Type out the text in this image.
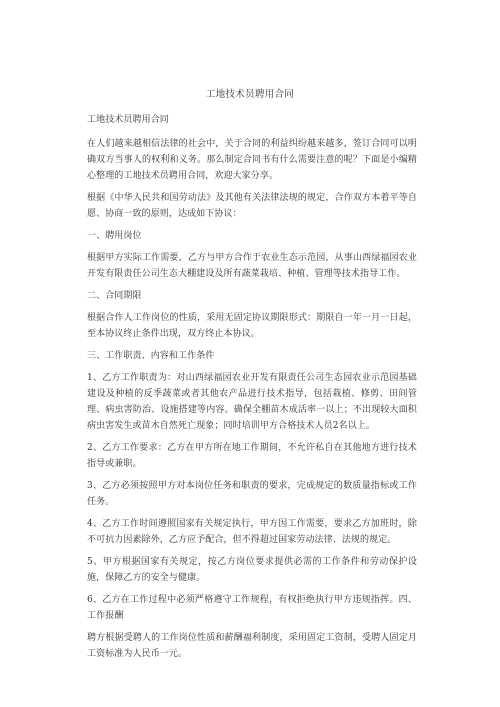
工地技术员聘用合同

工地技术员聘用合同

在人们越来越相信法律的社会中，关于合同的利益纠纷越来越多，签订合同可以明确双方当事人的权利和义务。那么制定合同书有什么需要注意的呢？下面是小编精心整理的工地技术员聘用合同，欢迎大家分享。

根据《中华人民共和国劳动法》及其他有关法律法规的规定，合作双方本着平等自愿、协商一致的原则，达成如下协议：

一、聘用岗位

根据甲方实际工作需要，乙方与甲方合作于农业生态示范园，从事山西绿福园农业开发有限责任公司生态大棚建设及所有蔬菜栽培、种植、管理等技术指导工作。

二、合同期限

根据合作人工作岗位的性质，采用无固定协议期限形式：期限自一年一月一日起，至本协议终止条件出现，双方终止本协议。

三、工作职责、内容和工作条件

1、乙方工作职责为：对山西绿福园农业开发有限责任公司生态园农业示范园基础建设及种植的反季蔬菜或者其他农产品进行技术指导，包括栽植、修剪、田间管理、病虫害防治、设施搭建等内容。确保全棚苗木成活率一以上；不出现较大面积病虫害发生或苗木自然死亡现象；同时培训甲方合格技术人员2名以上。

2、乙方工作要求：乙方在甲方所在地工作期间，不允许私自在其他地方进行技术指导或兼职。

3、乙方必须按照甲方对本岗位任务和职责的要求，完成规定的数质量指标或工作任务。

4、乙方工作时间遵照国家有关规定执行，甲方因工作需要，要求乙方加班时，除不可抗力因素除外，乙方应予配合，但不得超过国家劳动法律、法规的规定。

5、甲方根据国家有关规定，按乙方岗位要求提供必需的工作条件和劳动保护设施，保障乙方的安全与健康。

6、乙方在工作过程中必须严格遵守工作规程，有权拒绝执行甲方违规指挥。四、工作报酬

聘方根据受聘人的工作岗位性质和薪酬福利制度，采用固定工资制，受聘人固定月工资标准为人民币一元。
